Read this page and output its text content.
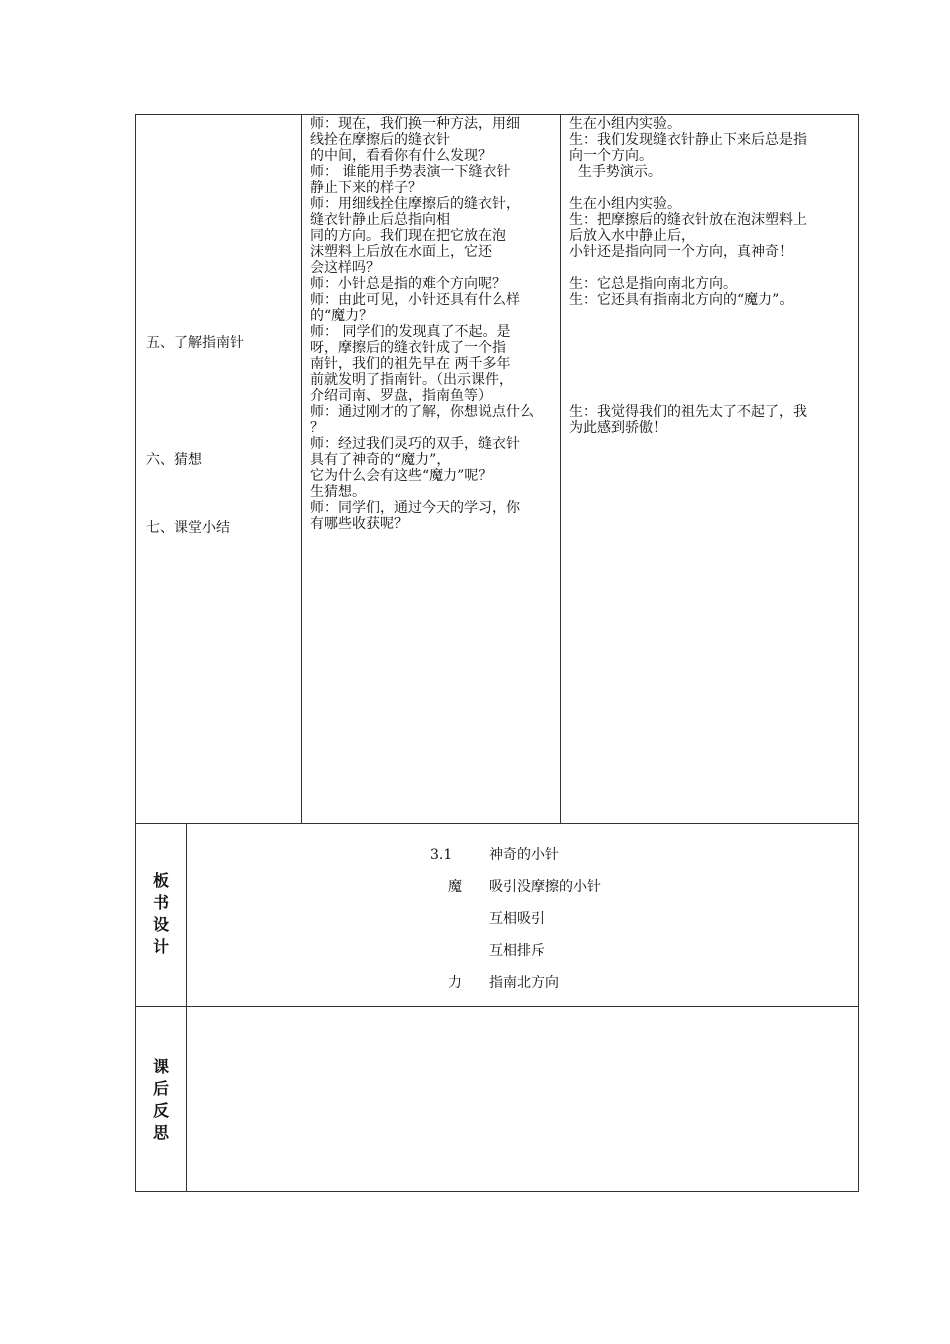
五、了解指南针
六、猜想
七、课堂小结
师：现在，我们换一种方法，用细
线拴在摩擦后的缝衣针
的中间，看看你有什么发现？
师： 谁能用手势表演一下缝衣针
静止下来的样子？
师：用细线拴住摩擦后的缝衣针，
缝衣针静止后总指向相
同的方向。我们现在把它放在泡
沫塑料上后放在水面上，它还
会这样吗？
师：小针总是指的难个方向呢？
师：由此可见，小针还具有什么样
的“魔力？
师： 同学们的发现真了不起。是
呀，摩擦后的缝衣针成了一个指
南针，我们的祖先早在 两千多年
前就发明了指南针。（出示课件，
介绍司南、罗盘，指南鱼等）
师：通过刚才的了解，你想说点什么
？
师：经过我们灵巧的双手，缝衣针
具有了神奇的“魔力”，
它为什么会有这些“魔力”呢？
生猜想。
师：同学们，通过今天的学习，你
有哪些收获呢？
生在小组内实验。
生：我们发现缝衣针静止下来后总是指
向一个方向。
生手势演示。
生在小组内实验。
生：把摩擦后的缝衣针放在泡沫塑料上
后放入水中静止后，
小针还是指向同一个方向，真神奇！
生：它总是指向南北方向。
生：它还具有指南北方向的“魔力”。
生：我觉得我们的祖先太了不起了，我
为此感到骄傲！
板
书
设
计
3.1	神奇的小针
魔 吸引没摩擦的小针
互相吸引
互相排斥
力 指南北方向
课
后
反
思
